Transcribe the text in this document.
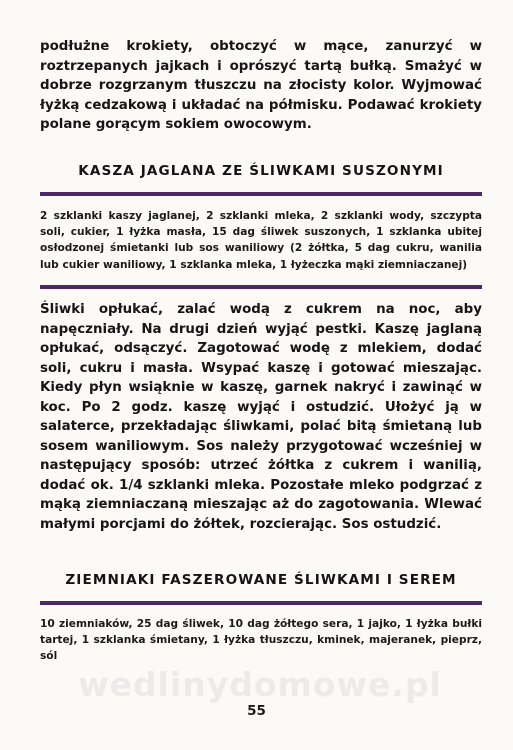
podłużne krokiety, obtoczyć w mące, zanurzyć w roztrzepanych jajkach i oprószyć tartą bułką. Smażyć w dobrze rozgrzanym tłuszczu na złocisty kolor. Wyjmować łyżką cedzakową i układać na półmisku. Podawać krokiety polane gorącym sokiem owocowym.

KASZA JAGLANA ZE ŚLIWKAMI SUSZONYMI

2 szklanki kaszy jaglanej, 2 szklanki mleka, 2 szklanki wody, szczypta soli, cukier, 1 łyżka masła, 15 dag śliwek suszonych, 1 szklanka ubitej osłodzonej śmietanki lub sos waniliowy (2 żółtka, 5 dag cukru, wanilia lub cukier waniliowy, 1 szklanka mleka, 1 łyżeczka mąki ziemniaczanej)

Śliwki opłukać, zalać wodą z cukrem na noc, aby napęczniały. Na drugi dzień wyjąć pestki. Kaszę jaglaną opłukać, odsączyć. Zagotować wodę z mlekiem, dodać soli, cukru i masła. Wsypać kaszę i gotować mieszając. Kiedy płyn wsiąknie w kaszę, garnek nakryć i zawinąć w koc. Po 2 godz. kaszę wyjąć i ostudzić. Ułożyć ją w salaterce, przekładając śliwkami, polać bitą śmietaną lub sosem waniliowym. Sos należy przygotować wcześniej w następujący sposób: utrzeć żółtka z cukrem i wanilią, dodać ok. 1/4 szklanki mleka. Pozostałe mleko podgrzać z mąką ziemniaczaną mieszając aż do zagotowania. Wlewać małymi porcjami do żółtek, rozcierając. Sos ostudzić.

ZIEMNIAKI FASZEROWANE ŚLIWKAMI I SEREM

10 ziemniaków, 25 dag śliwek, 10 dag żółtego sera, 1 jajko, 1 łyżka bułki tartej, 1 szklanka śmietany, 1 łyżka tłuszczu, kminek, majeranek, pieprz, sól

wedlinydomowe.pl
55
